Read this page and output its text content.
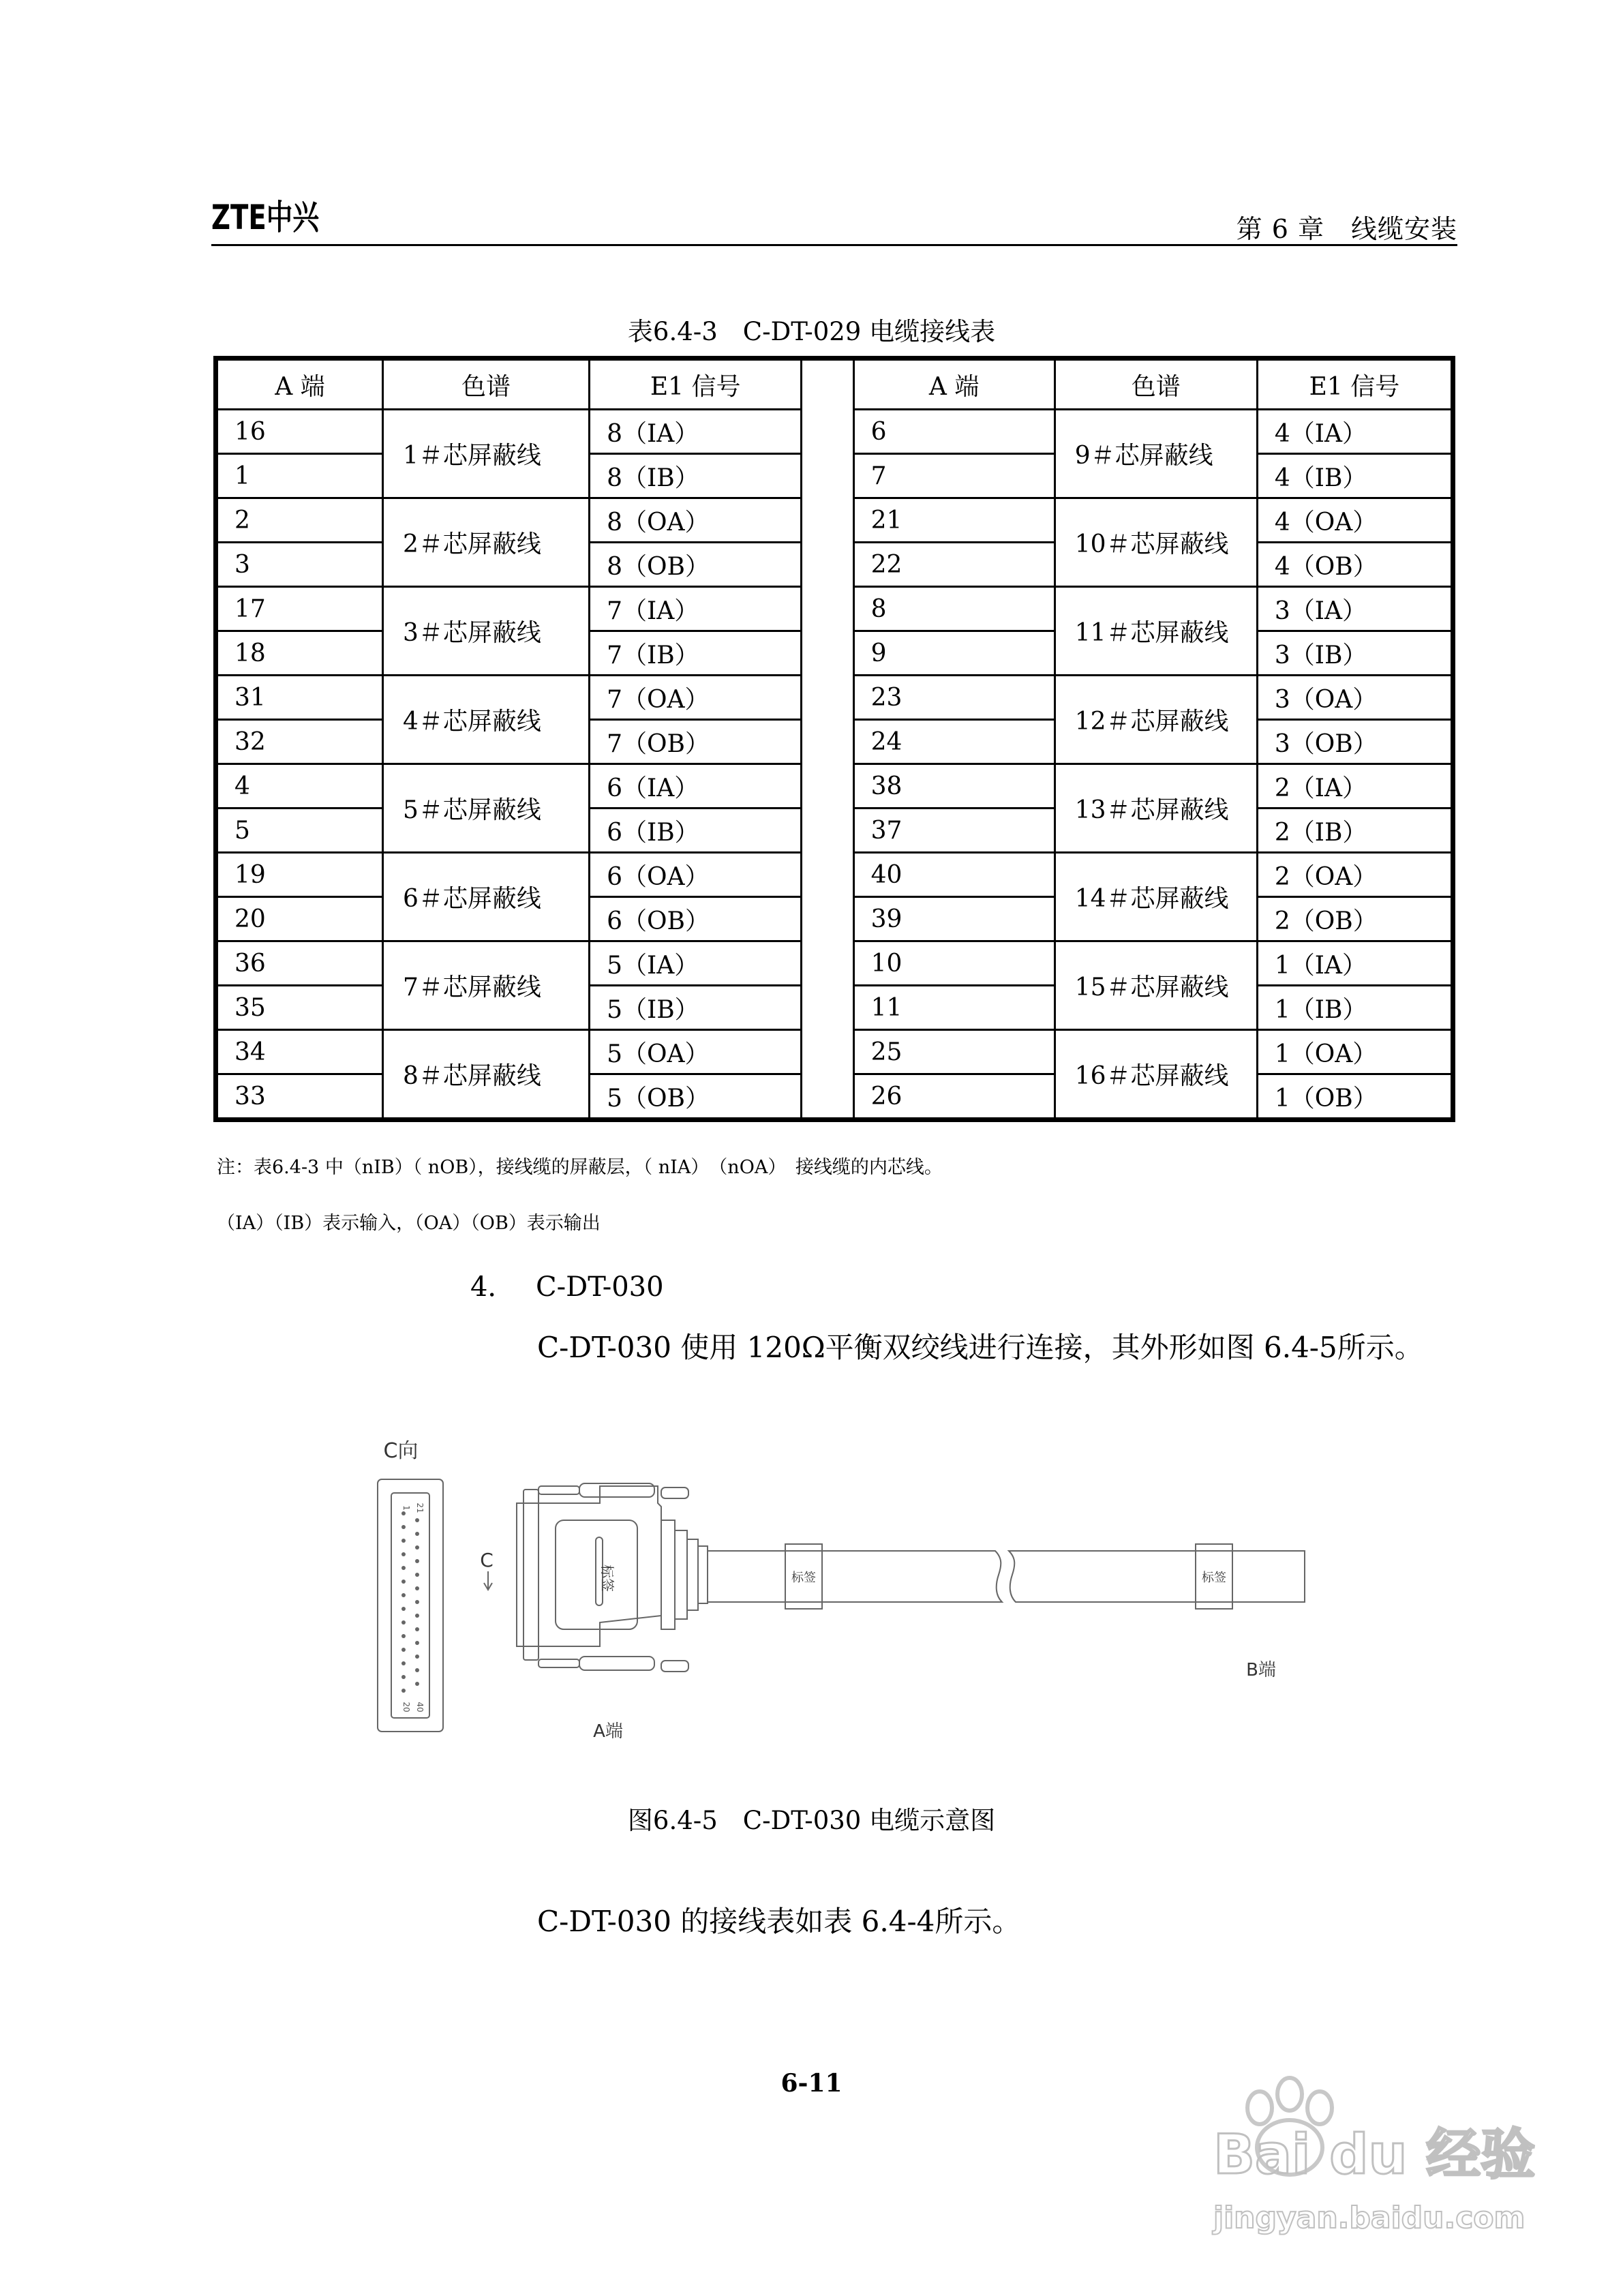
ZTE中兴	第 6 章　线缆安装
表6.4-3　C-DT-029 电缆接线表
A 端	色谱	E1 信号		A 端	色谱	E1 信号
16	1＃芯屏蔽线	8（IA）		6	9＃芯屏蔽线	4（IA）
1		8（IB）		7		4（IB）
2	2＃芯屏蔽线	8（OA）		21	10＃芯屏蔽线	4（OA）
3		8（OB）		22		4（OB）
17	3＃芯屏蔽线	7（IA）		8	11＃芯屏蔽线	3（IA）
18		7（IB）		9		3（IB）
31	4＃芯屏蔽线	7（OA）		23	12＃芯屏蔽线	3（OA）
32		7（OB）		24		3（OB）
4	5＃芯屏蔽线	6（IA）		38	13＃芯屏蔽线	2（IA）
5		6（IB）		37		2（IB）
19	6＃芯屏蔽线	6（OA）		40	14＃芯屏蔽线	2（OA）
20		6（OB）		39		2（OB）
36	7＃芯屏蔽线	5（IA）		10	15＃芯屏蔽线	1（IA）
35		5（IB）		11		1（IB）
34	8＃芯屏蔽线	5（OA）		25	16＃芯屏蔽线	1（OA）
33		5（OB）		26		1（OB）
注：表6.4-3 中（nIB）（ nOB），接线缆的屏蔽层，（ nIA）　（nOA）　接线缆的内芯线。
（IA）（IB）表示输入，（OA）（OB）表示输出
4． C-DT-030
C-DT-030 使用 120Ω平衡双绞线进行连接，其外形如图 6.4-5所示。
C向
C
标签	标签	标签
B端
A端
1 21
20 40
图6.4-5　C-DT-030 电缆示意图
C-DT-030 的接线表如表 6.4-4所示。
6-11
Bai du 经验
jingyan.baidu.com
